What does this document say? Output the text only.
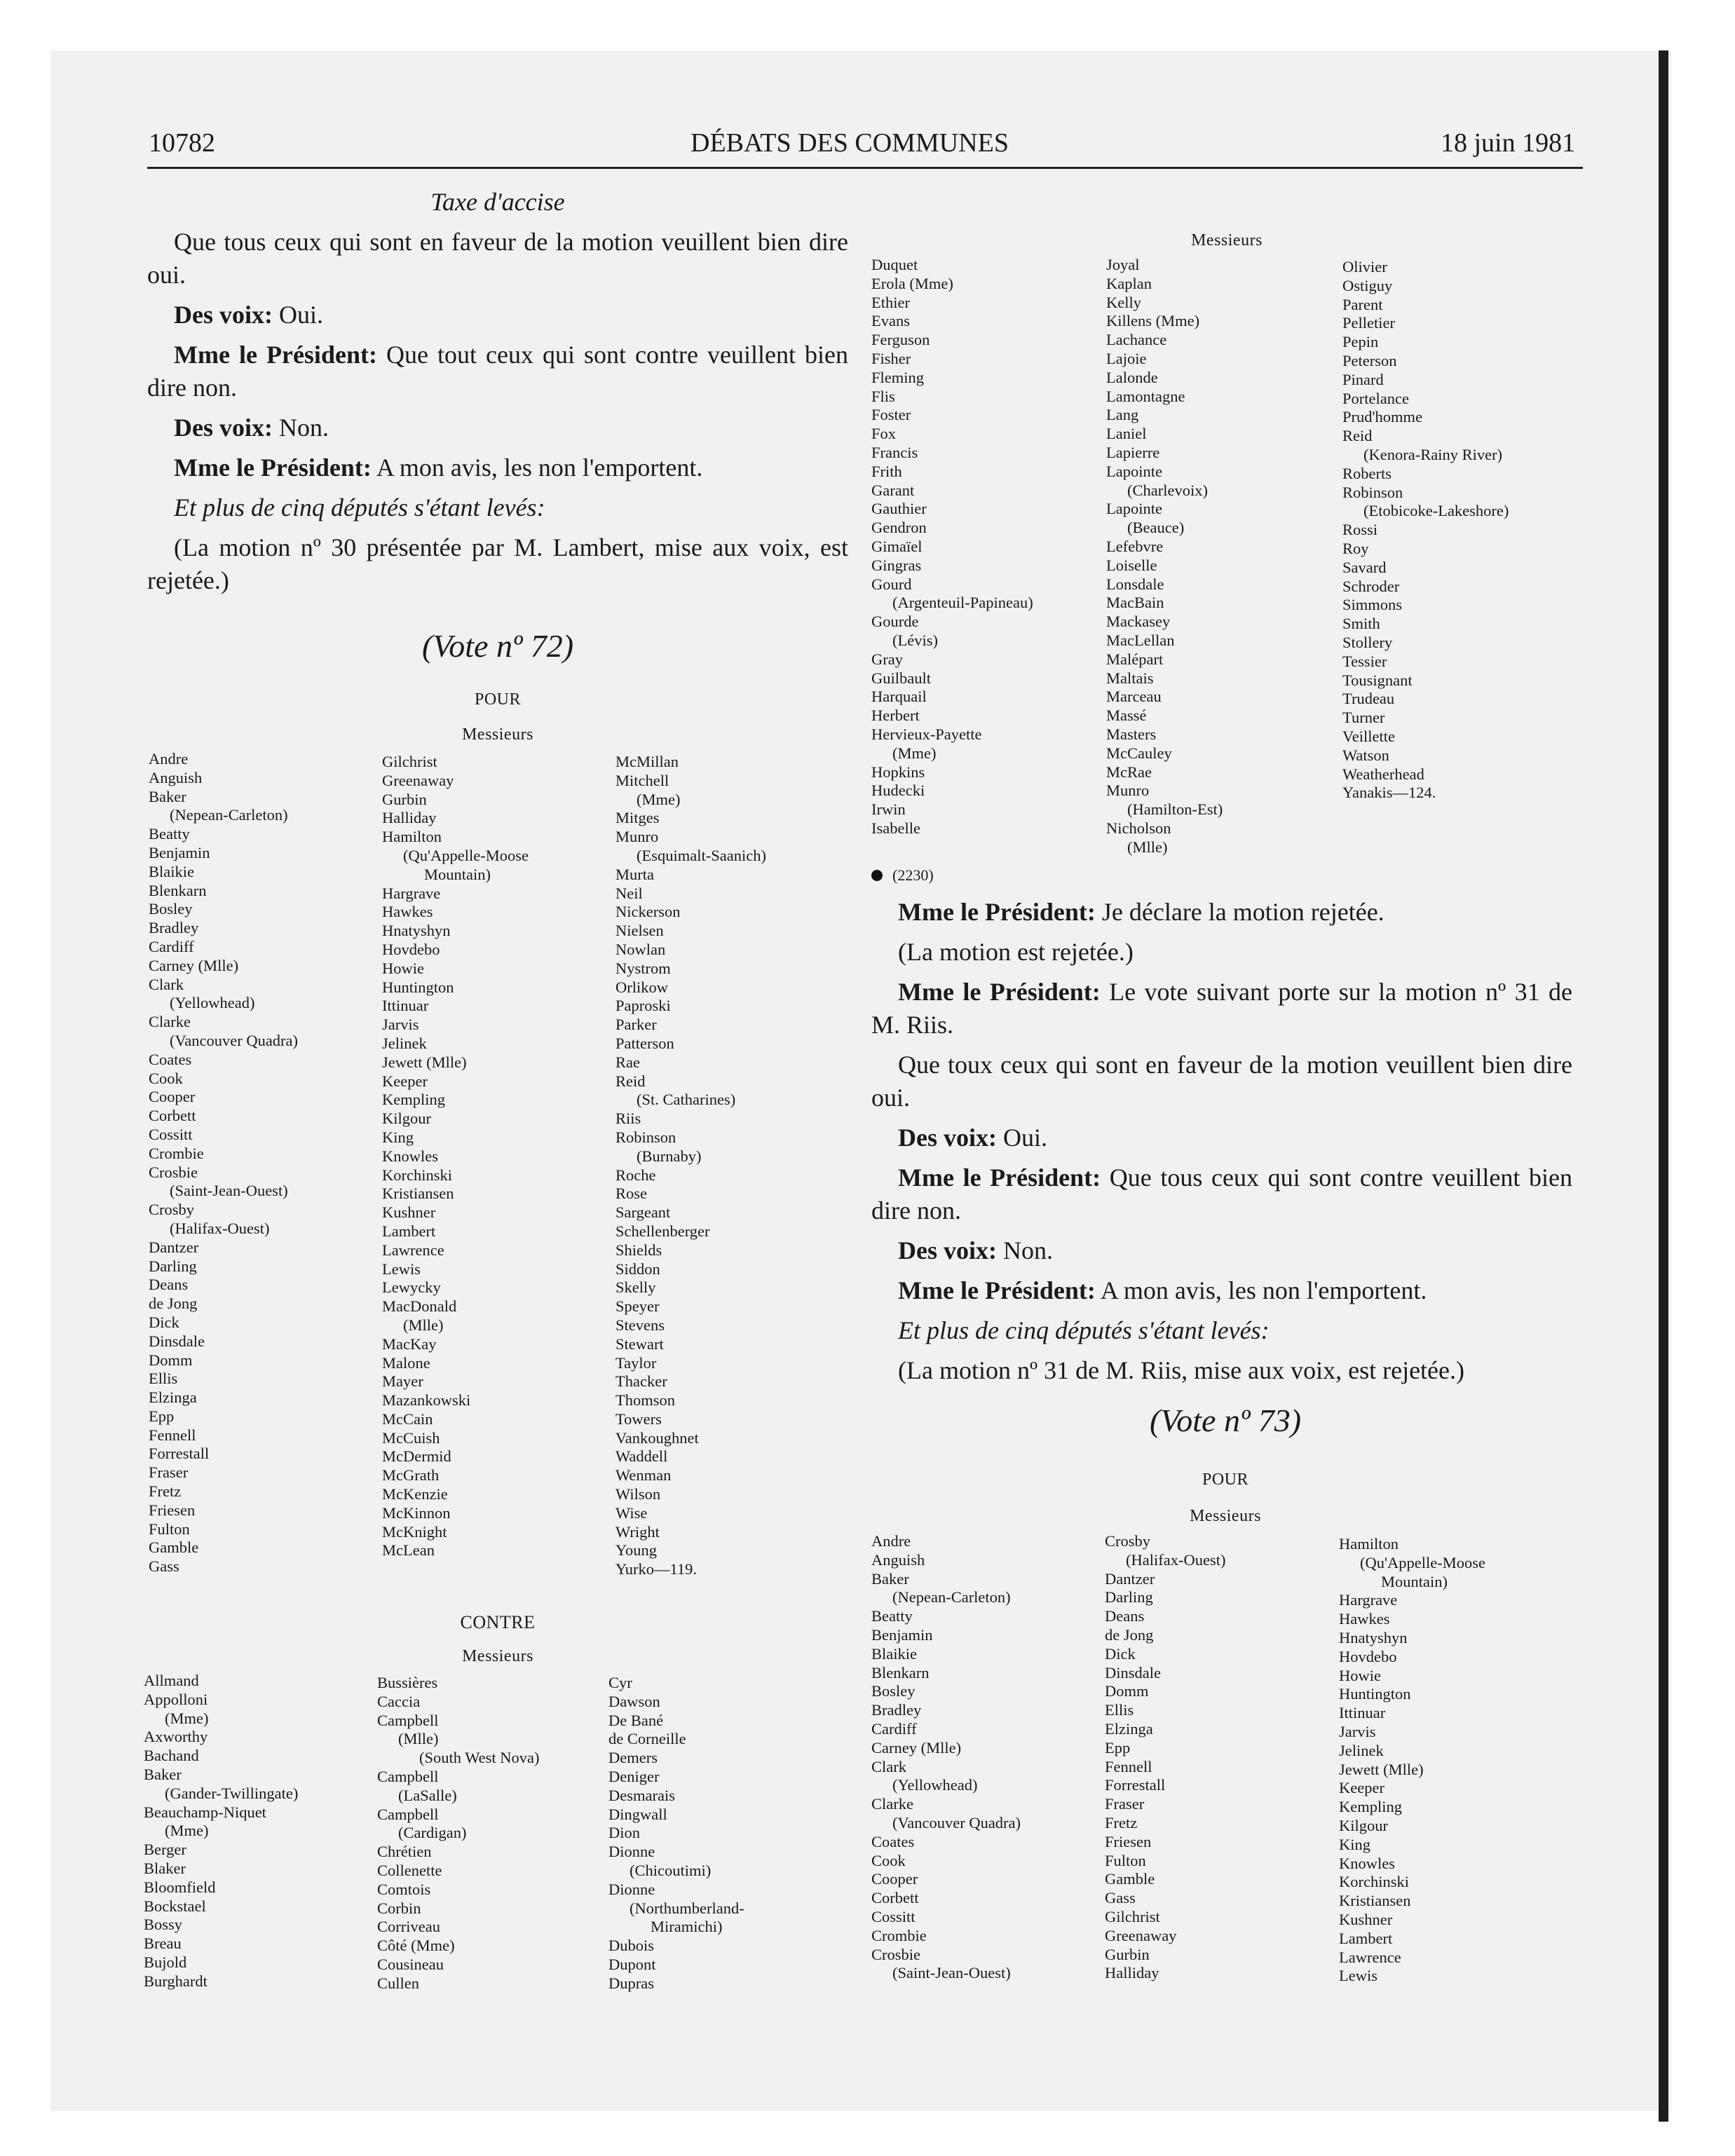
10782	DÉBATS DES COMMUNES	18 juin 1981

Taxe d'accise

Que tous ceux qui sont en faveur de la motion veuillent bien dire oui.

Des voix: Oui.

Mme le Président: Que tout ceux qui sont contre veuillent bien dire non.

Des voix: Non.

Mme le Président: A mon avis, les non l'emportent.

Et plus de cinq députés s'étant levés:

(La motion nº 30 présentée par M. Lambert, mise aux voix, est rejetée.)

(Vote nº 72)
POUR
Messieurs
Andre
Anguish
Baker
(Nepean-Carleton)
Beatty
Benjamin
Blaikie
Blenkarn
Bosley
Bradley
Cardiff
Carney (Mlle)
Clark
(Yellowhead)
Clarke
(Vancouver Quadra)
Coates
Cook
Cooper
Corbett
Cossitt
Crombie
Crosbie
(Saint-Jean-Ouest)
Crosby
(Halifax-Ouest)
Dantzer
Darling
Deans
de Jong
Dick
Dinsdale
Domm
Ellis
Elzinga
Epp
Fennell
Forrestall
Fraser
Fretz
Friesen
Fulton
Gamble
Gass
Gilchrist
Greenaway
Gurbin
Halliday
Hamilton
(Qu'Appelle-Moose
Mountain)
Hargrave
Hawkes
Hnatyshyn
Hovdebo
Howie
Huntington
Ittinuar
Jarvis
Jelinek
Jewett (Mlle)
Keeper
Kempling
Kilgour
King
Knowles
Korchinski
Kristiansen
Kushner
Lambert
Lawrence
Lewis
Lewycky
MacDonald
(Mlle)
MacKay
Malone
Mayer
Mazankowski
McCain
McCuish
McDermid
McGrath
McKenzie
McKinnon
McKnight
McLean
McMillan
Mitchell
(Mme)
Mitges
Munro
(Esquimalt-Saanich)
Murta
Neil
Nickerson
Nielsen
Nowlan
Nystrom
Orlikow
Paproski
Parker
Patterson
Rae
Reid
(St. Catharines)
Riis
Robinson
(Burnaby)
Roche
Rose
Sargeant
Schellenberger
Shields
Siddon
Skelly
Speyer
Stevens
Stewart
Taylor
Thacker
Thomson
Towers
Vankoughnet
Waddell
Wenman
Wilson
Wise
Wright
Young
Yurko—119.
CONTRE
Messieurs
Allmand
Appolloni
(Mme)
Axworthy
Bachand
Baker
(Gander-Twillingate)
Beauchamp-Niquet
(Mme)
Berger
Blaker
Bloomfield
Bockstael
Bossy
Breau
Bujold
Burghardt
Bussières
Caccia
Campbell
(Mlle)
(South West Nova)
Campbell
(LaSalle)
Campbell
(Cardigan)
Chrétien
Collenette
Comtois
Corbin
Corriveau
Côté (Mme)
Cousineau
Cullen
Cyr
Dawson
De Bané
de Corneille
Demers
Deniger
Desmarais
Dingwall
Dion
Dionne
(Chicoutimi)
Dionne
(Northumberland-
Miramichi)
Dubois
Dupont
Dupras
Messieurs
Duquet
Erola (Mme)
Ethier
Evans
Ferguson
Fisher
Fleming
Flis
Foster
Fox
Francis
Frith
Garant
Gauthier
Gendron
Gimaïel
Gingras
Gourd
(Argenteuil-Papineau)
Gourde
(Lévis)
Gray
Guilbault
Harquail
Herbert
Hervieux-Payette
(Mme)
Hopkins
Hudecki
Irwin
Isabelle
Joyal
Kaplan
Kelly
Killens (Mme)
Lachance
Lajoie
Lalonde
Lamontagne
Lang
Laniel
Lapierre
Lapointe
(Charlevoix)
Lapointe
(Beauce)
Lefebvre
Loiselle
Lonsdale
MacBain
Mackasey
MacLellan
Malépart
Maltais
Marceau
Massé
Masters
McCauley
McRae
Munro
(Hamilton-Est)
Nicholson
(Mlle)
Olivier
Ostiguy
Parent
Pelletier
Pepin
Peterson
Pinard
Portelance
Prud'homme
Reid
(Kenora-Rainy River)
Roberts
Robinson
(Etobicoke-Lakeshore)
Rossi
Roy
Savard
Schroder
Simmons
Smith
Stollery
Tessier
Tousignant
Trudeau
Turner
Veillette
Watson
Weatherhead
Yanakis—124.
(2230)

Mme le Président: Je déclare la motion rejetée.

(La motion est rejetée.)

Mme le Président: Le vote suivant porte sur la motion nº 31 de M. Riis.

Que toux ceux qui sont en faveur de la motion veuillent bien dire oui.

Des voix: Oui.

Mme le Président: Que tous ceux qui sont contre veuillent bien dire non.

Des voix: Non.

Mme le Président: A mon avis, les non l'emportent.

Et plus de cinq députés s'étant levés:

(La motion nº 31 de M. Riis, mise aux voix, est rejetée.)

(Vote nº 73)
POUR
Messieurs
Andre
Anguish
Baker
(Nepean-Carleton)
Beatty
Benjamin
Blaikie
Blenkarn
Bosley
Bradley
Cardiff
Carney (Mlle)
Clark
(Yellowhead)
Clarke
(Vancouver Quadra)
Coates
Cook
Cooper
Corbett
Cossitt
Crombie
Crosbie
(Saint-Jean-Ouest)
Crosby
(Halifax-Ouest)
Dantzer
Darling
Deans
de Jong
Dick
Dinsdale
Domm
Ellis
Elzinga
Epp
Fennell
Forrestall
Fraser
Fretz
Friesen
Fulton
Gamble
Gass
Gilchrist
Greenaway
Gurbin
Halliday
Hamilton
(Qu'Appelle-Moose
Mountain)
Hargrave
Hawkes
Hnatyshyn
Hovdebo
Howie
Huntington
Ittinuar
Jarvis
Jelinek
Jewett (Mlle)
Keeper
Kempling
Kilgour
King
Knowles
Korchinski
Kristiansen
Kushner
Lambert
Lawrence
Lewis
